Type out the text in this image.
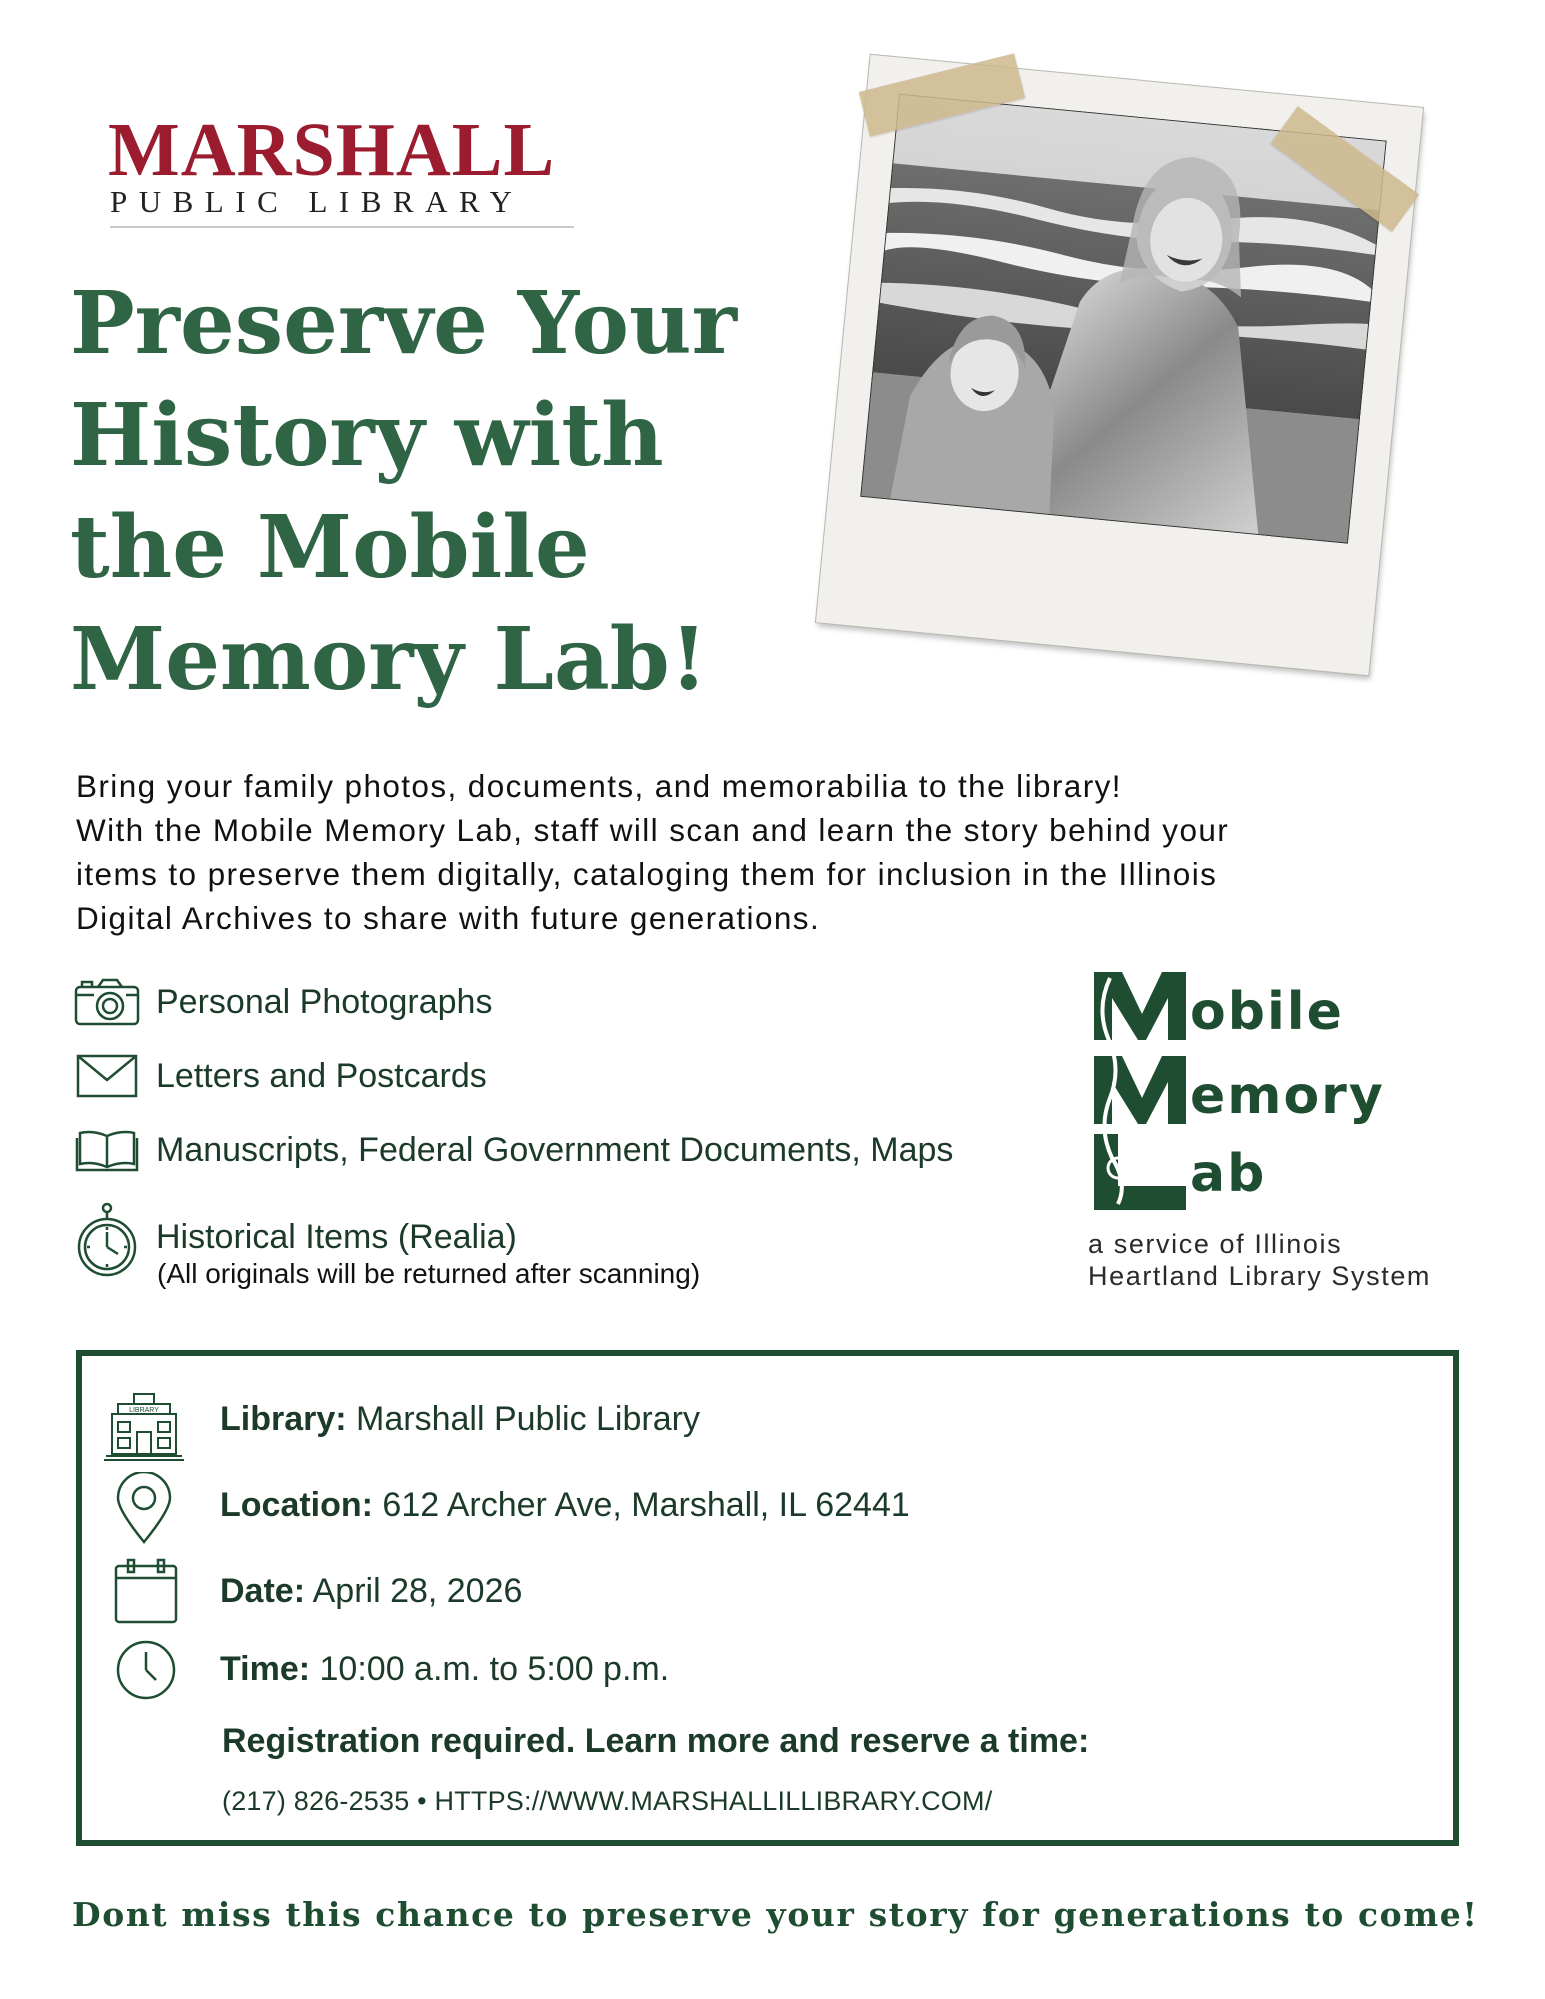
MARSHALL
PUBLIC LIBRARY
Preserve Your
History with
the Mobile
Memory Lab!
Bring your family photos, documents, and memorabilia to the library!
With the Mobile Memory Lab, staff will scan and learn the story behind your
items to preserve them digitally, cataloging them for inclusion in the Illinois
Digital Archives to share with future generations.
Personal Photographs
Letters and Postcards
Manuscripts, Federal Government Documents, Maps
Historical Items (Realia)
(All originals will be returned after scanning)
obile
emory
ab
a service of Illinois
Heartland Library System
LIBRARY Library: Marshall Public Library
Location: 612 Archer Ave, Marshall, IL 62441
Date: April 28, 2026
Time: 10:00 a.m. to 5:00 p.m.
Registration required. Learn more and reserve a time:
(217) 826-2535 • HTTPS://WWW.MARSHALLILLIBRARY.COM/
Dont miss this chance to preserve your story for generations to come!
